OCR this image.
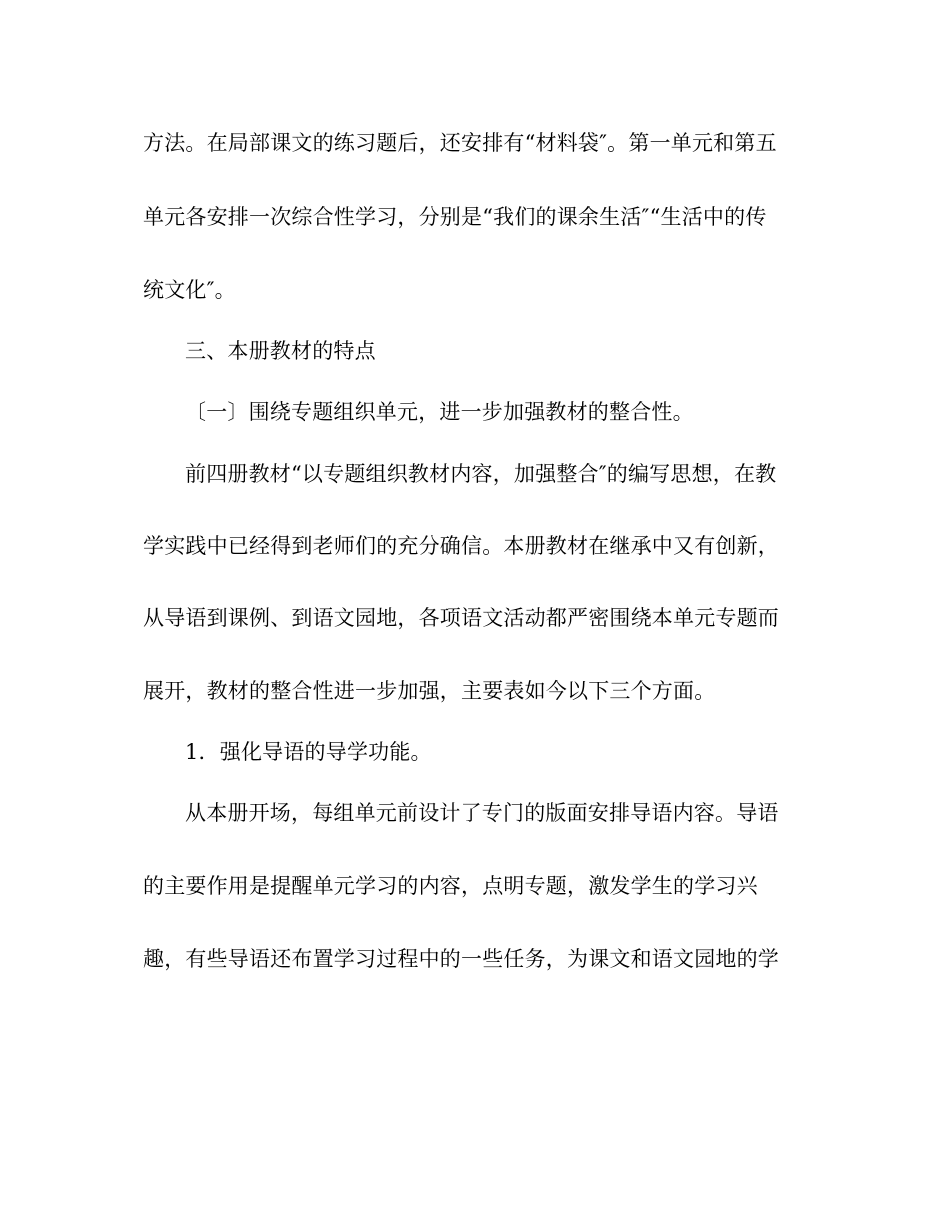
方法。在局部课文的练习题后，还安排有“材料袋″。第一单元和第五
单元各安排一次综合性学习，分别是“我们的课余生活″“生活中的传
统文化″。
三、本册教材的特点
〔一〕围绕专题组织单元，进一步加强教材的整合性。
前四册教材“以专题组织教材内容，加强整合″的编写思想，在教
学实践中已经得到老师们的充分确信。本册教材在继承中又有创新，
从导语到课例、到语文园地，各项语文活动都严密围绕本单元专题而
展开，教材的整合性进一步加强，主要表如今以下三个方面。
1．强化导语的导学功能。
从本册开场，每组单元前设计了专门的版面安排导语内容。导语
的主要作用是提醒单元学习的内容，点明专题，激发学生的学习兴
趣，有些导语还布置学习过程中的一些任务，为课文和语文园地的学
